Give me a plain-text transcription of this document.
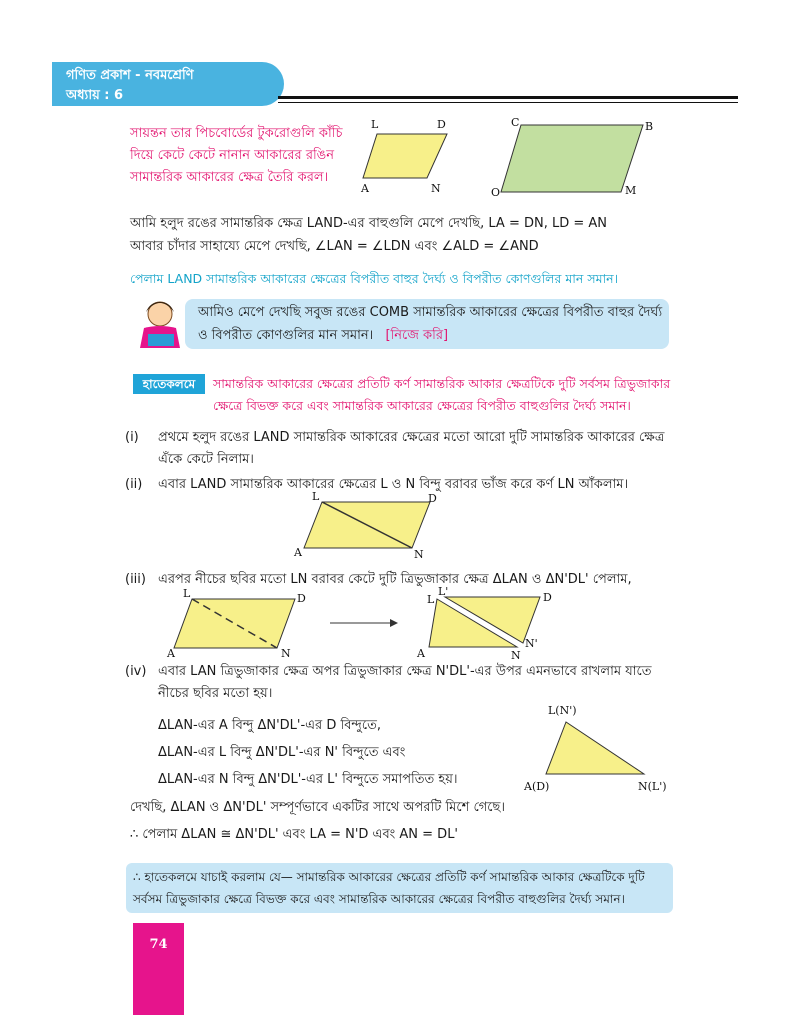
গণিত প্রকাশ - নবমশ্রেণি
অধ্যায় : 6
সায়ন্তন তার পিচবোর্ডের টুকরোগুলি কাঁচি দিয়ে কেটে কেটে নানান আকারের রঙিন সামান্তরিক আকারের ক্ষেত্র তৈরি করল।
L	D
A	N
C	B
O	M
আমি হলুদ রঙের সামান্তরিক ক্ষেত্র LAND-এর বাহুগুলি মেপে দেখছি, LA = DN, LD = AN
আবার চাঁদার সাহায্যে মেপে দেখছি, ∠LAN = ∠LDN এবং ∠ALD = ∠AND
পেলাম LAND সামান্তরিক আকারের ক্ষেত্রের বিপরীত বাহুর দৈর্ঘ্য ও বিপরীত কোণগুলির মান সমান।
আমিও মেপে দেখছি সবুজ রঙের COMB সামান্তরিক আকারের ক্ষেত্রের বিপরীত বাহুর দৈর্ঘ্য
ও বিপরীত কোণগুলির মান সমান। [নিজে করি]
হাতেকলমে	সামান্তরিক আকারের ক্ষেত্রের প্রতিটি কর্ণ সামান্তরিক আকার ক্ষেত্রটিকে দুটি সর্বসম ত্রিভুজাকার
ক্ষেত্রে বিভক্ত করে এবং সামান্তরিক আকারের ক্ষেত্রের বিপরীত বাহুগুলির দৈর্ঘ্য সমান।
(i) প্রথমে হলুদ রঙের LAND সামান্তরিক আকারের ক্ষেত্রের মতো আরো দুটি সামান্তরিক আকারের ক্ষেত্র
এঁকে কেটে নিলাম।
(ii) এবার LAND সামান্তরিক আকারের ক্ষেত্রের L ও N বিন্দু বরাবর ভাঁজ করে কর্ণ LN আঁকলাম।
L	D
A	N
(iii) এরপর নীচের ছবির মতো LN বরাবর কেটে দুটি ত্রিভুজাকার ক্ষেত্র ΔLAN ও ΔN'DL' পেলাম,
L	D
A	N
L
L'	D
A	N
N'
(iv) এবার LAN ত্রিভুজাকার ক্ষেত্র অপর ত্রিভুজাকার ক্ষেত্র N'DL'-এর উপর এমনভাবে রাখলাম যাতে
নীচের ছবির মতো হয়।
ΔLAN-এর A বিন্দু ΔN'DL'-এর D বিন্দুতে,
ΔLAN-এর L বিন্দু ΔN'DL'-এর N' বিন্দুতে এবং
ΔLAN-এর N বিন্দু ΔN'DL'-এর L' বিন্দুতে সমাপতিত হয়।
L(N')
A(D)	N(L')
দেখছি, ΔLAN ও ΔN'DL' সম্পূর্ণভাবে একটির সাথে অপরটি মিশে গেছে।
∴ পেলাম ΔLAN ≅ ΔN'DL' এবং LA = N'D এবং AN = DL'
∴ হাতেকলমে যাচাই করলাম যে— সামান্তরিক আকারের ক্ষেত্রের প্রতিটি কর্ণ সামান্তরিক আকার ক্ষেত্রটিকে দুটি
সর্বসম ত্রিভুজাকার ক্ষেত্রে বিভক্ত করে এবং সামান্তরিক আকারের ক্ষেত্রের বিপরীত বাহুগুলির দৈর্ঘ্য সমান।
74
